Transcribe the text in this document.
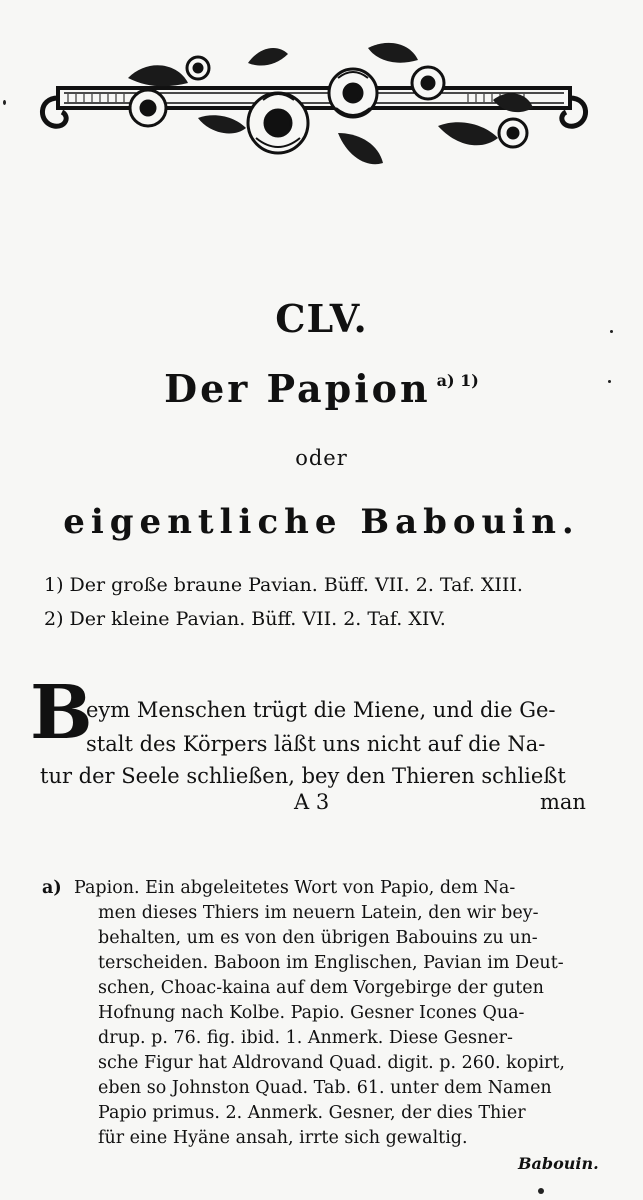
CLV.
Der Papion $^{a) 1)}$
oder
eigentliche Babouin.
1) Der große braune Pavian. Büff. VII. 2. Taf. XIII.
2) Der kleine Pavian. Büff. VII. 2. Taf. XIV.
B
eym Menschen trügt die Miene, und die Ge-
stalt des Körpers läßt uns nicht auf die Na-
tur der Seele schließen, bey den Thieren schließt
A 3	man
a) Papion. Ein abgeleitetes Wort von Papio, dem Na-
men dieses Thiers im neuern Latein, den wir bey-
behalten, um es von den übrigen Babouins zu un-
terscheiden. Baboon im Englischen, Pavian im Deut-
schen, Choac-kaina auf dem Vorgebirge der guten
Hofnung nach Kolbe. Papio. Gesner Icones Qua-
drup. p. 76. fig. ibid. 1. Anmerk. Diese Gesner-
sche Figur hat Aldrovand Quad. digit. p. 260. kopirt,
eben so Johnston Quad. Tab. 61. unter dem Namen
Papio primus. 2. Anmerk. Gesner, der dies Thier
für eine Hyäne ansah, irrte sich gewaltig.
Babouin.
